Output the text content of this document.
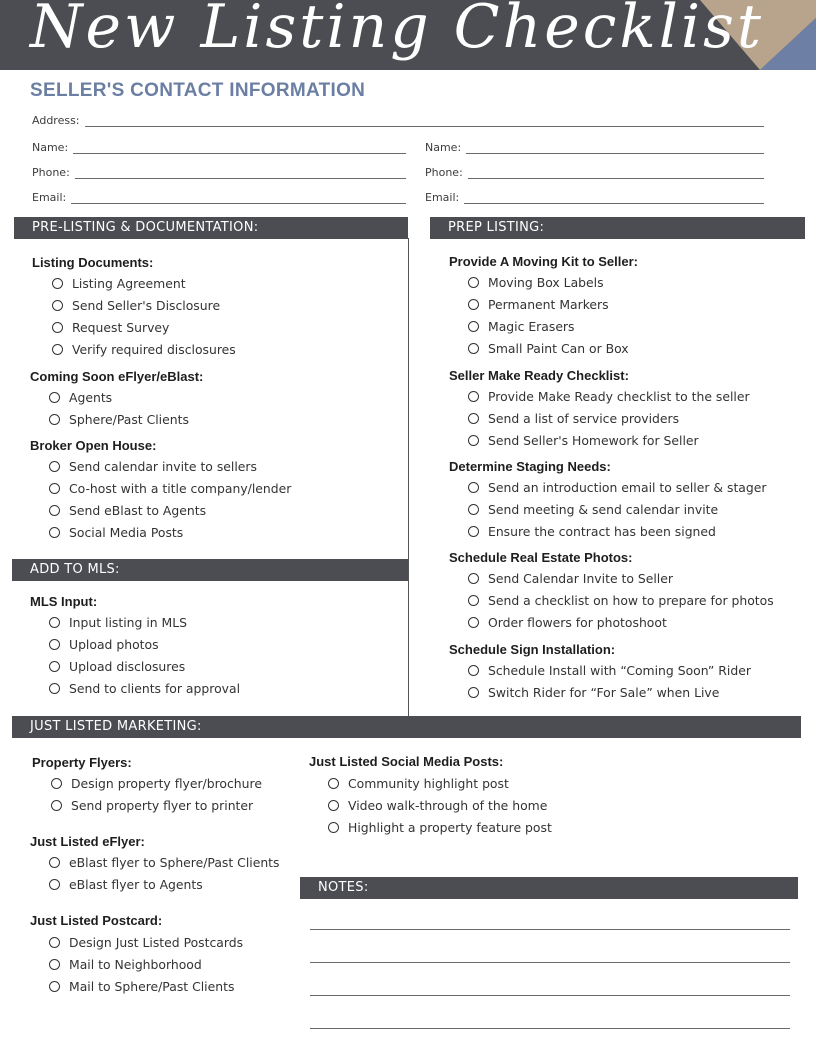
New Listing Checklist
SELLER'S CONTACT INFORMATION
Address:
Name:	Name:
Phone:	Phone:
Email:	Email:
PRE-LISTING & DOCUMENTATION:	PREP LISTING:
Listing Documents:
Listing Agreement
Send Seller's Disclosure
Request Survey
Verify required disclosures
Coming Soon eFlyer/eBlast:
Agents
Sphere/Past Clients
Broker Open House:
Send calendar invite to sellers
Co-host with a title company/lender
Send eBlast to Agents
Social Media Posts
ADD TO MLS:
MLS Input:
Input listing in MLS
Upload photos
Upload disclosures
Send to clients for approval
Provide A Moving Kit to Seller:
Moving Box Labels
Permanent Markers
Magic Erasers
Small Paint Can or Box
Seller Make Ready Checklist:
Provide Make Ready checklist to the seller
Send a list of service providers
Send Seller's Homework for Seller
Determine Staging Needs:
Send an introduction email to seller & stager
Send meeting & send calendar invite
Ensure the contract has been signed
Schedule Real Estate Photos:
Send Calendar Invite to Seller
Send a checklist on how to prepare for photos
Order flowers for photoshoot
Schedule Sign Installation:
Schedule Install with “Coming Soon” Rider
Switch Rider for “For Sale” when Live
JUST LISTED MARKETING:
Property Flyers:
Design property flyer/brochure
Send property flyer to printer
Just Listed eFlyer:
eBlast flyer to Sphere/Past Clients
eBlast flyer to Agents
Just Listed Postcard:
Design Just Listed Postcards
Mail to Neighborhood
Mail to Sphere/Past Clients
Just Listed Social Media Posts:
Community highlight post
Video walk-through of the home
Highlight a property feature post
NOTES:
